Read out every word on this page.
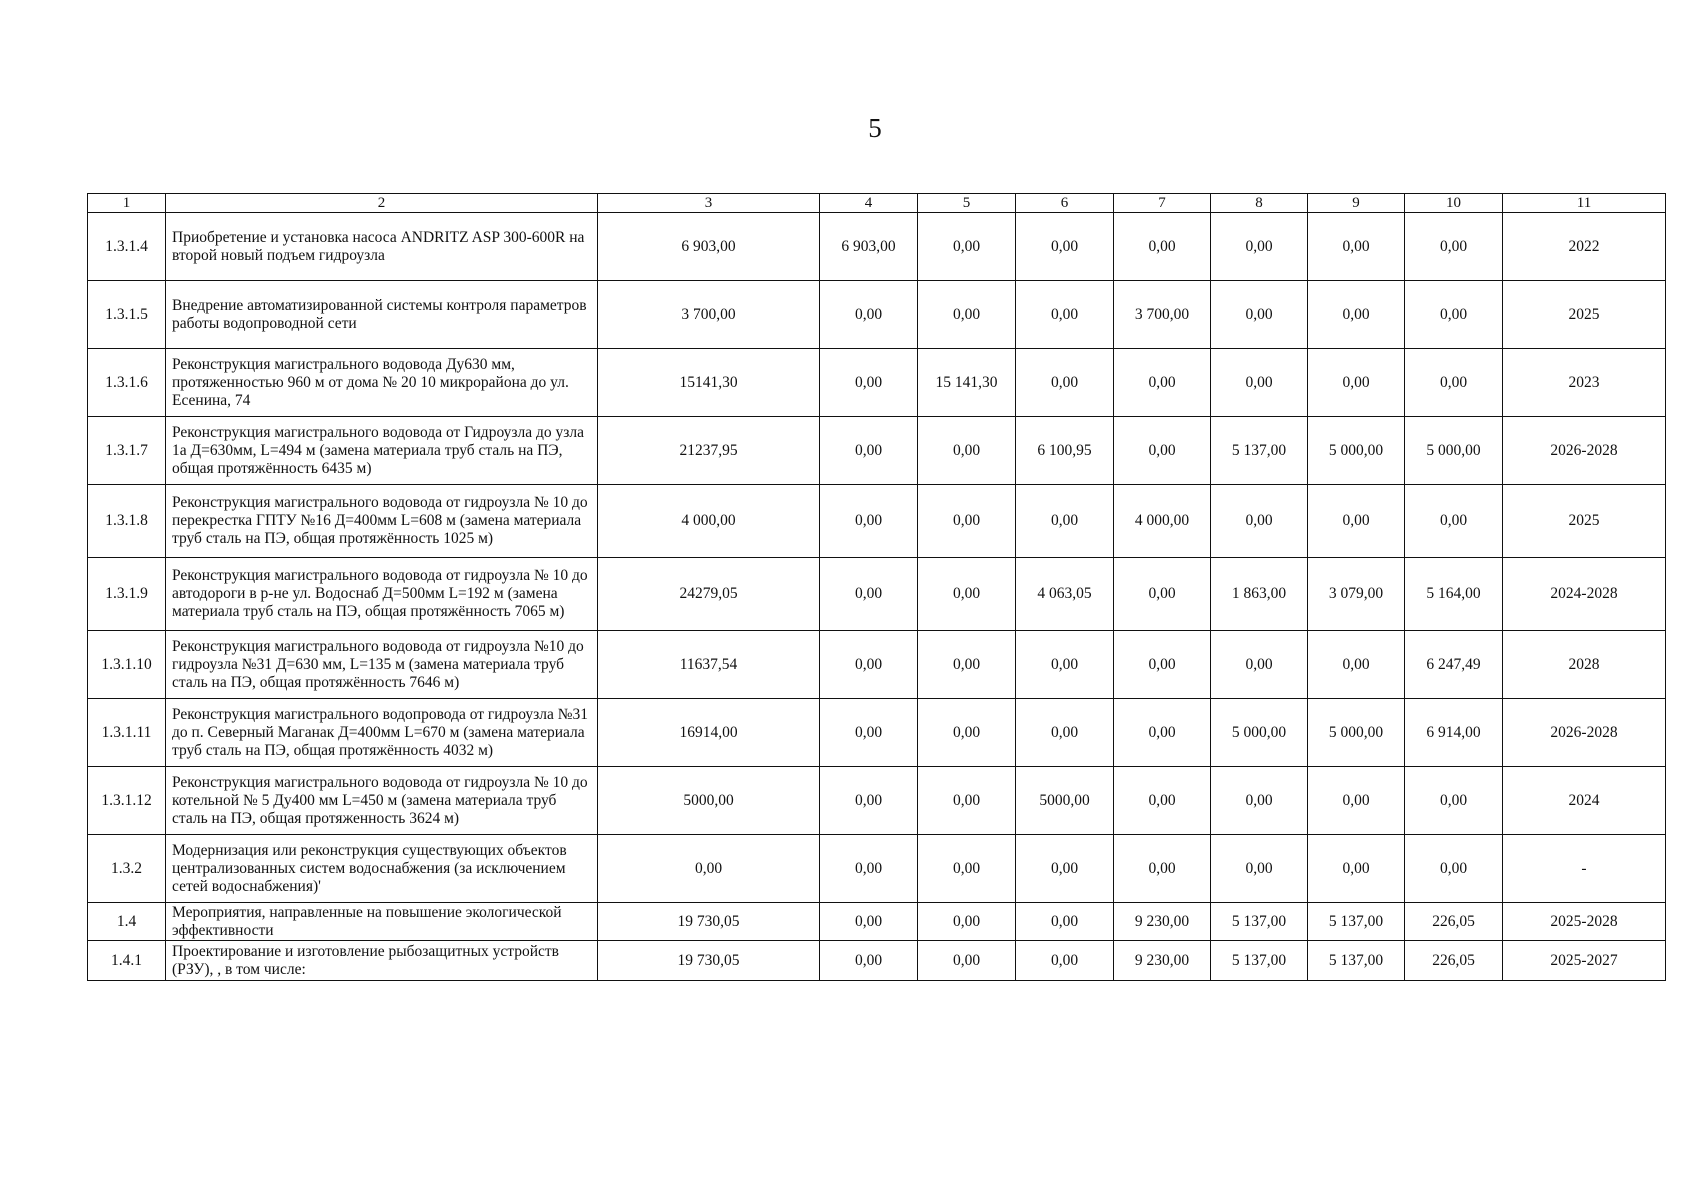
5
1	2	3	4	5	6	7	8	9	10	11
1.3.1.4	Приобретение и установка насоса ANDRITZ ASP 300-600R на второй новый подъем гидроузла	6 903,00	6 903,00	0,00	0,00	0,00	0,00	0,00	0,00	2022
1.3.1.5	Внедрение автоматизированной системы контроля параметров работы водопроводной сети	3 700,00	0,00	0,00	0,00	3 700,00	0,00	0,00	0,00	2025
1.3.1.6	Реконструкция магистрального водовода Ду630 мм, протяженностью 960 м от дома № 20 10 микрорайона до ул. Есенина, 74	15141,30	0,00	15 141,30	0,00	0,00	0,00	0,00	0,00	2023
1.3.1.7	Реконструкция магистрального водовода от Гидроузла до узла 1а Д=630мм, L=494 м (замена материала труб сталь на ПЭ, общая протяжённость 6435 м)	21237,95	0,00	0,00	6 100,95	0,00	5 137,00	5 000,00	5 000,00	2026-2028
1.3.1.8	Реконструкция магистрального водовода от гидроузла № 10 до перекрестка ГПТУ №16 Д=400мм L=608 м (замена материала труб сталь на ПЭ, общая протяжённость 1025 м)	4 000,00	0,00	0,00	0,00	4 000,00	0,00	0,00	0,00	2025
1.3.1.9	Реконструкция магистрального водовода от гидроузла № 10 до автодороги в р-не ул. Водоснаб Д=500мм L=192 м (замена материала труб сталь на ПЭ, общая протяжённость 7065 м)	24279,05	0,00	0,00	4 063,05	0,00	1 863,00	3 079,00	5 164,00	2024-2028
1.3.1.10	Реконструкция магистрального водовода от гидроузла №10 до гидроузла №31 Д=630 мм, L=135 м (замена материала труб сталь на ПЭ, общая протяжённость 7646 м)	11637,54	0,00	0,00	0,00	0,00	0,00	0,00	6 247,49	2028
1.3.1.11	Реконструкция магистрального водопровода от гидроузла №31 до п. Северный Маганак Д=400мм L=670 м (замена материала труб сталь на ПЭ, общая протяжённость 4032 м)	16914,00	0,00	0,00	0,00	0,00	5 000,00	5 000,00	6 914,00	2026-2028
1.3.1.12	Реконструкция магистрального водовода от гидроузла № 10 до котельной № 5 Ду400 мм L=450 м (замена материала труб сталь на ПЭ, общая протяженность 3624 м)	5000,00	0,00	0,00	5000,00	0,00	0,00	0,00	0,00	2024
1.3.2	Модернизация или реконструкция существующих объектов централизованных систем водоснабжения (за исключением сетей водоснабжения)'	0,00	0,00	0,00	0,00	0,00	0,00	0,00	0,00	-
1.4	Мероприятия, направленные на повышение экологической эффективности	19 730,05	0,00	0,00	0,00	9 230,00	5 137,00	5 137,00	226,05	2025-2028
1.4.1	Проектирование и изготовление рыбозащитных устройств (РЗУ), , в том числе:	19 730,05	0,00	0,00	0,00	9 230,00	5 137,00	5 137,00	226,05	2025-2027
